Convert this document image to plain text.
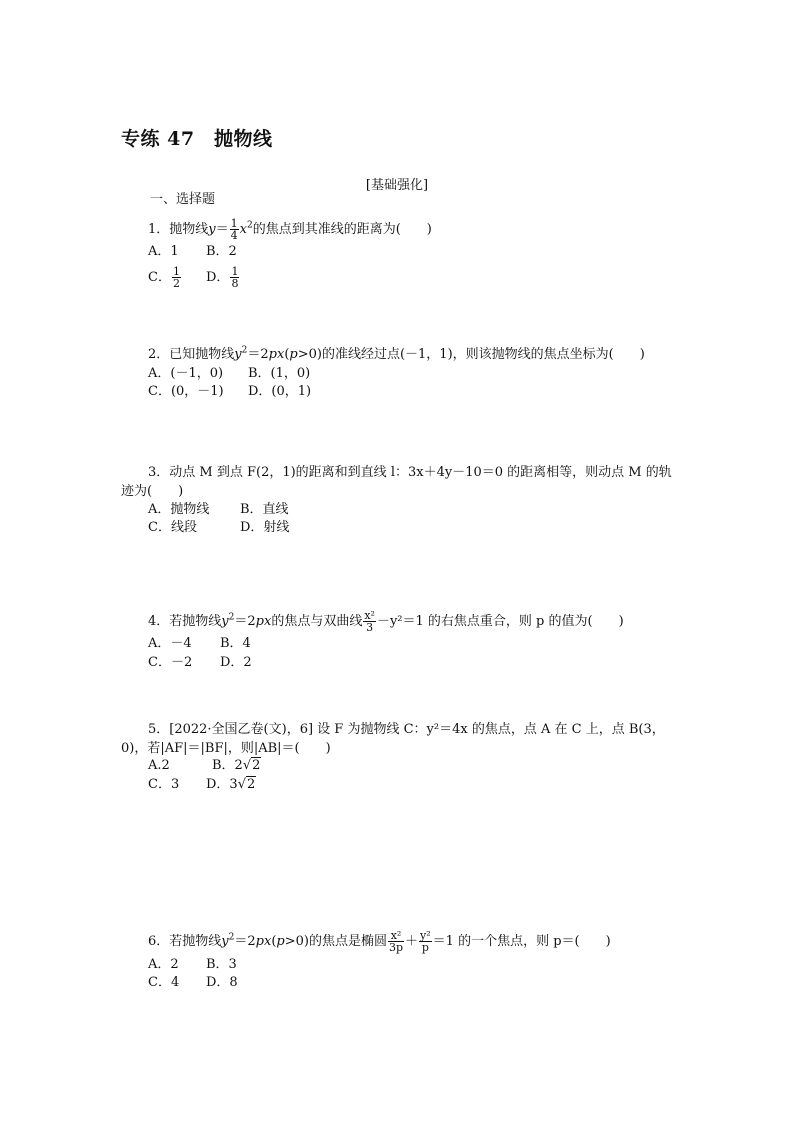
专练 47　抛物线
[基础强化]
一、选择题
1．抛物线$y= \frac{1}{4} x^2$的焦点到其准线的距离为(　　)
A．1 B．2
C． $\frac{1}{2}$ D． $\frac{1}{8}$
2．已知抛物线$y^2=2px(p>0)$的准线经过点(－1，1)，则该抛物线的焦点坐标为(　　)
A．(－1，0) B．(1，0)
C．(0，－1) D．(0，1)
3．动点 M 到点 F(2，1)的距离和到直线 l：3x＋4y－10＝0 的距离相等，则动点 M 的轨
迹为(　　)
A．抛物线 B．直线
C．线段	D．射线
4．若抛物线$y^2=2px$的焦点与双曲线 $\frac{\text{x²}}{3} -y^2=1$ 的右焦点重合，则 p 的值为(　　)
A．－4 B．4
C．－2 D．2
5．[2022·全国乙卷(文)，6] 设 F 为抛物线 C：y²＝4x 的焦点，点 A 在 C 上，点 B(3，
0)，若|AF|＝|BF|，则|AB|＝(　　)
A.2	B．2√2
C．3 D．3√2
6．若抛物线$y^2=2px(p>0)$的焦点是椭圆 $\frac{\text{x²}}{3p} + \frac{\text{y²}}{p} =1$ 的一个焦点，则 p＝(　　)
A．2 B．3
C．4 D．8
